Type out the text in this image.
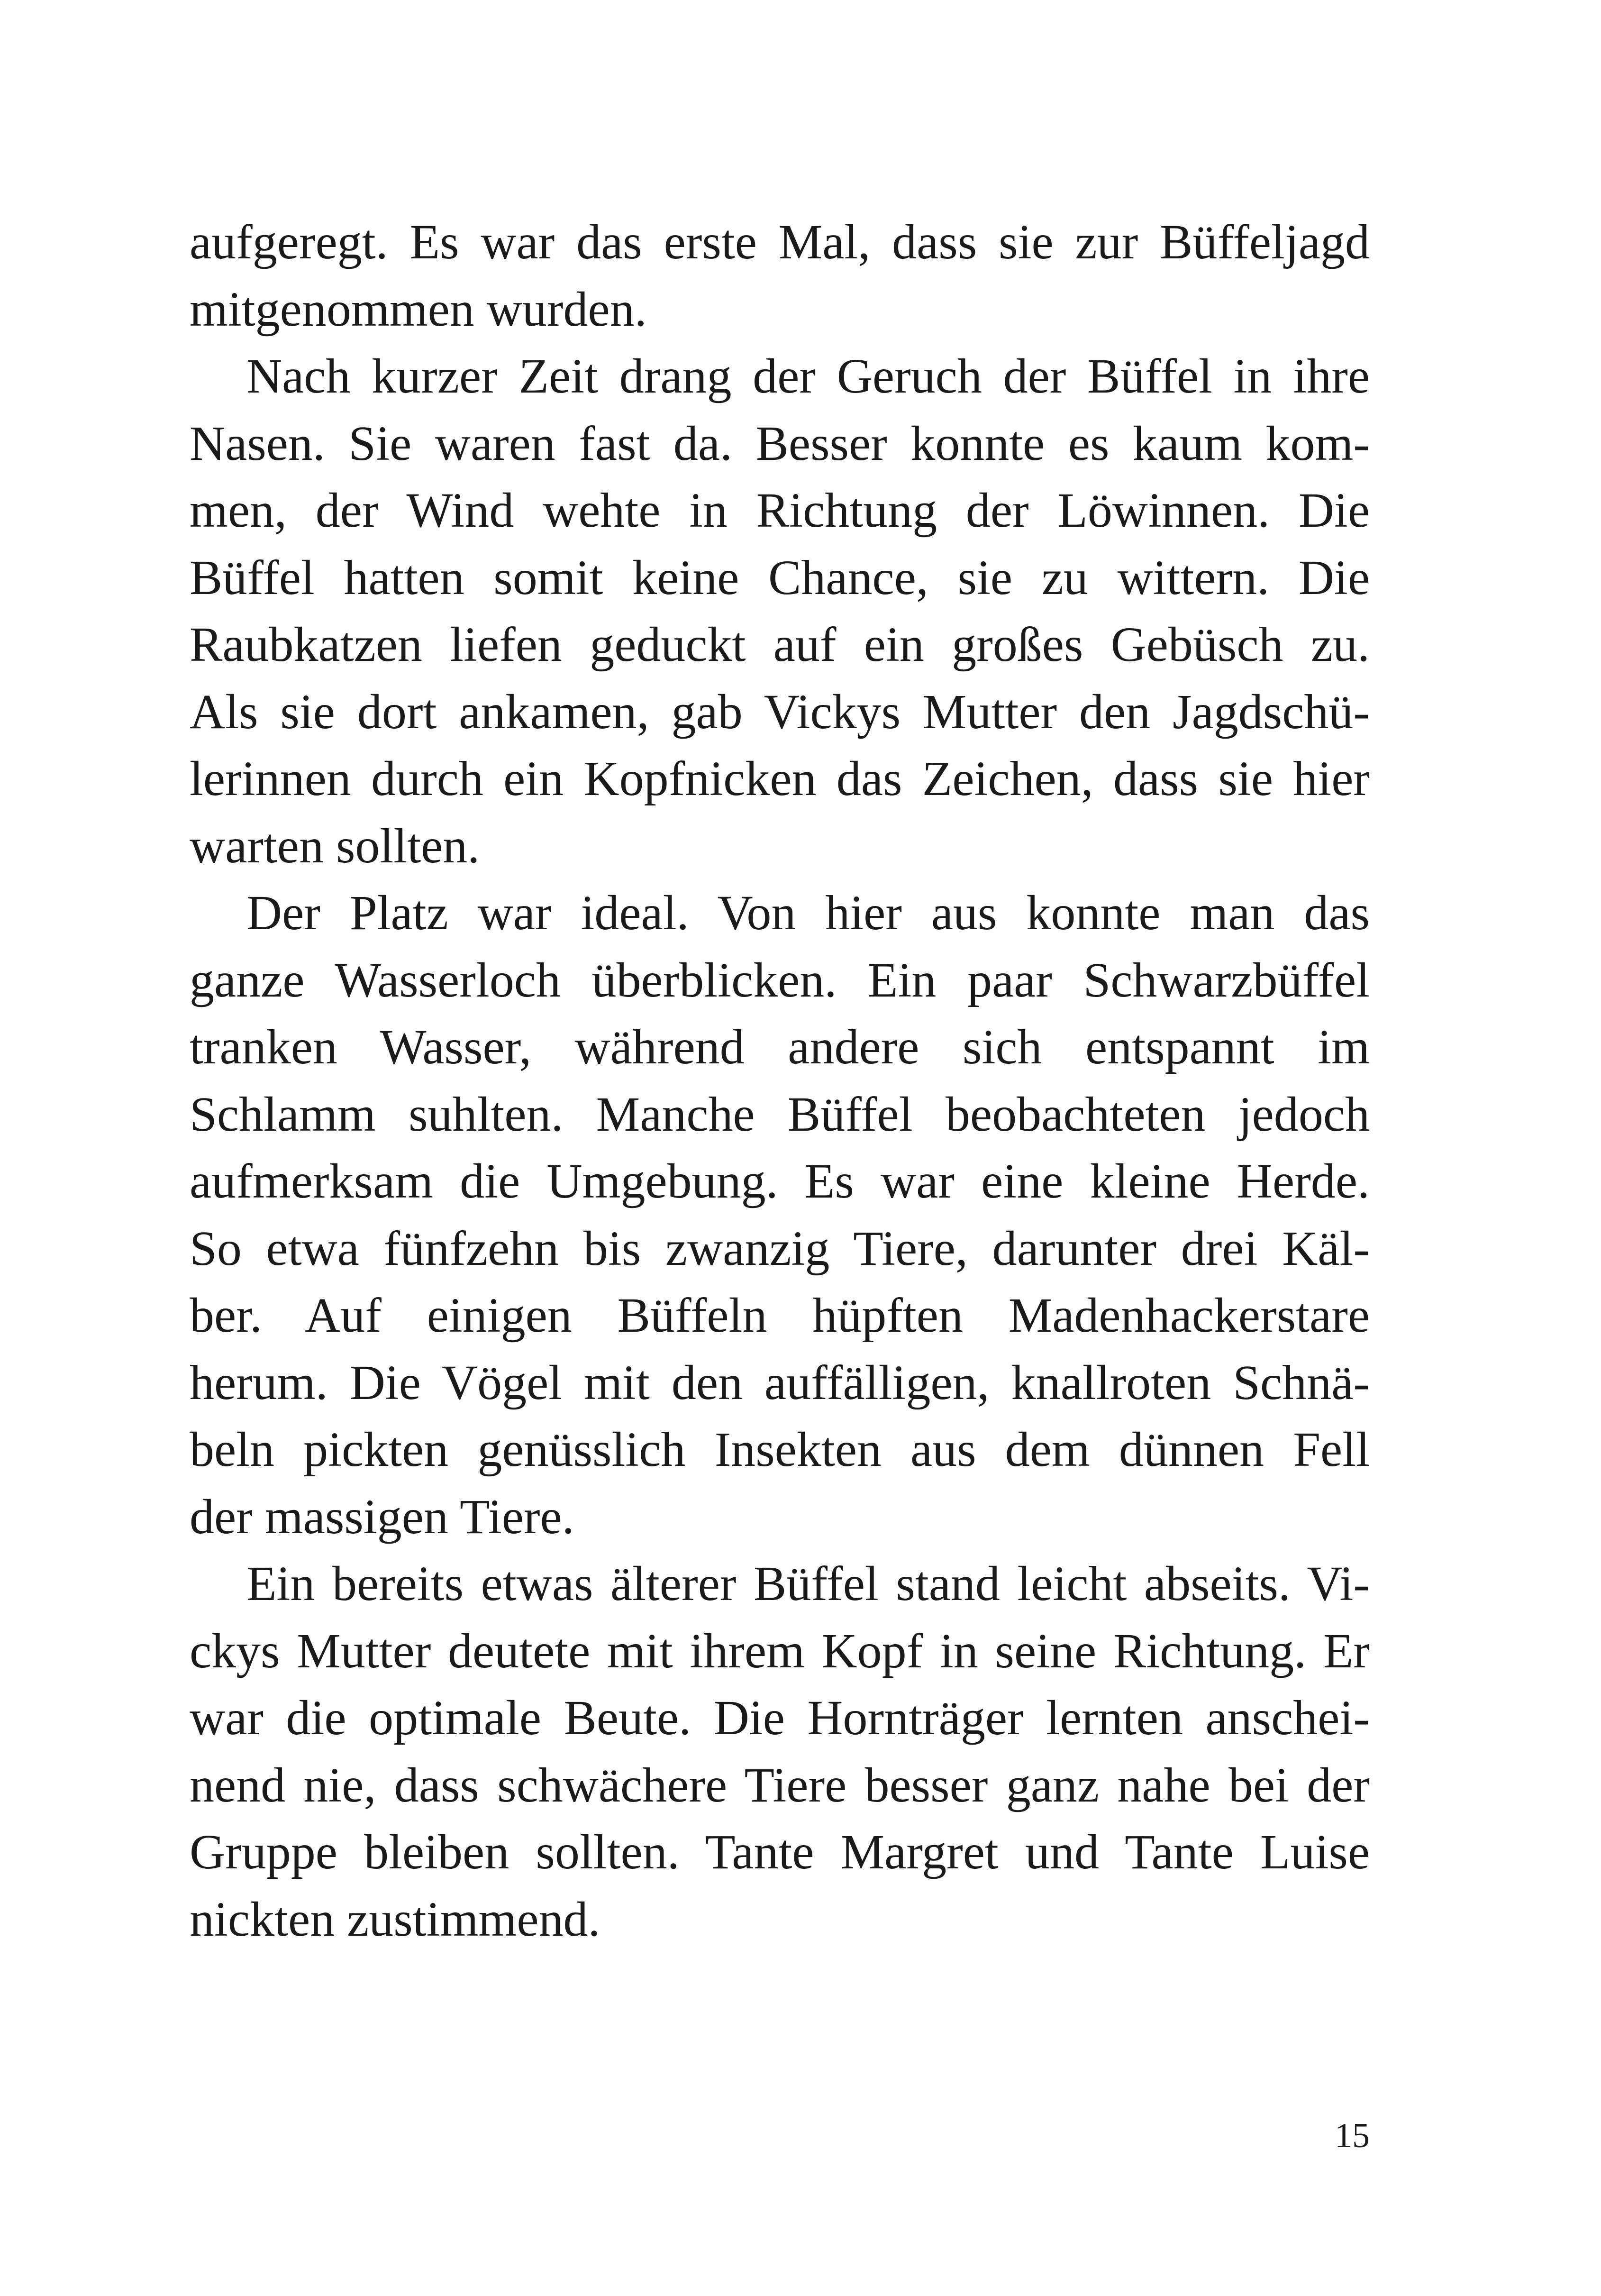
aufgeregt. Es war das erste Mal, dass sie zur Büffeljagd
mitgenommen wurden.
Nach kurzer Zeit drang der Geruch der Büffel in ihre
Nasen. Sie waren fast da. Besser konnte es kaum kom-
men, der Wind wehte in Richtung der Löwinnen. Die
Büffel hatten somit keine Chance, sie zu wittern. Die
Raubkatzen liefen geduckt auf ein großes Gebüsch zu.
Als sie dort ankamen, gab Vickys Mutter den Jagdschü-
lerinnen durch ein Kopfnicken das Zeichen, dass sie hier
warten sollten.
Der Platz war ideal. Von hier aus konnte man das
ganze Wasserloch überblicken. Ein paar Schwarzbüffel
tranken Wasser, während andere sich entspannt im
Schlamm suhlten. Manche Büffel beobachteten jedoch
aufmerksam die Umgebung. Es war eine kleine Herde.
So etwa fünfzehn bis zwanzig Tiere, darunter drei Käl-
ber. Auf einigen Büffeln hüpften Madenhackerstare
herum. Die Vögel mit den auffälligen, knallroten Schnä-
beln pickten genüsslich Insekten aus dem dünnen Fell
der massigen Tiere.
Ein bereits etwas älterer Büffel stand leicht abseits. Vi-
ckys Mutter deutete mit ihrem Kopf in seine Richtung. Er
war die optimale Beute. Die Hornträger lernten anschei-
nend nie, dass schwächere Tiere besser ganz nahe bei der
Gruppe bleiben sollten. Tante Margret und Tante Luise
nickten zustimmend.
15
